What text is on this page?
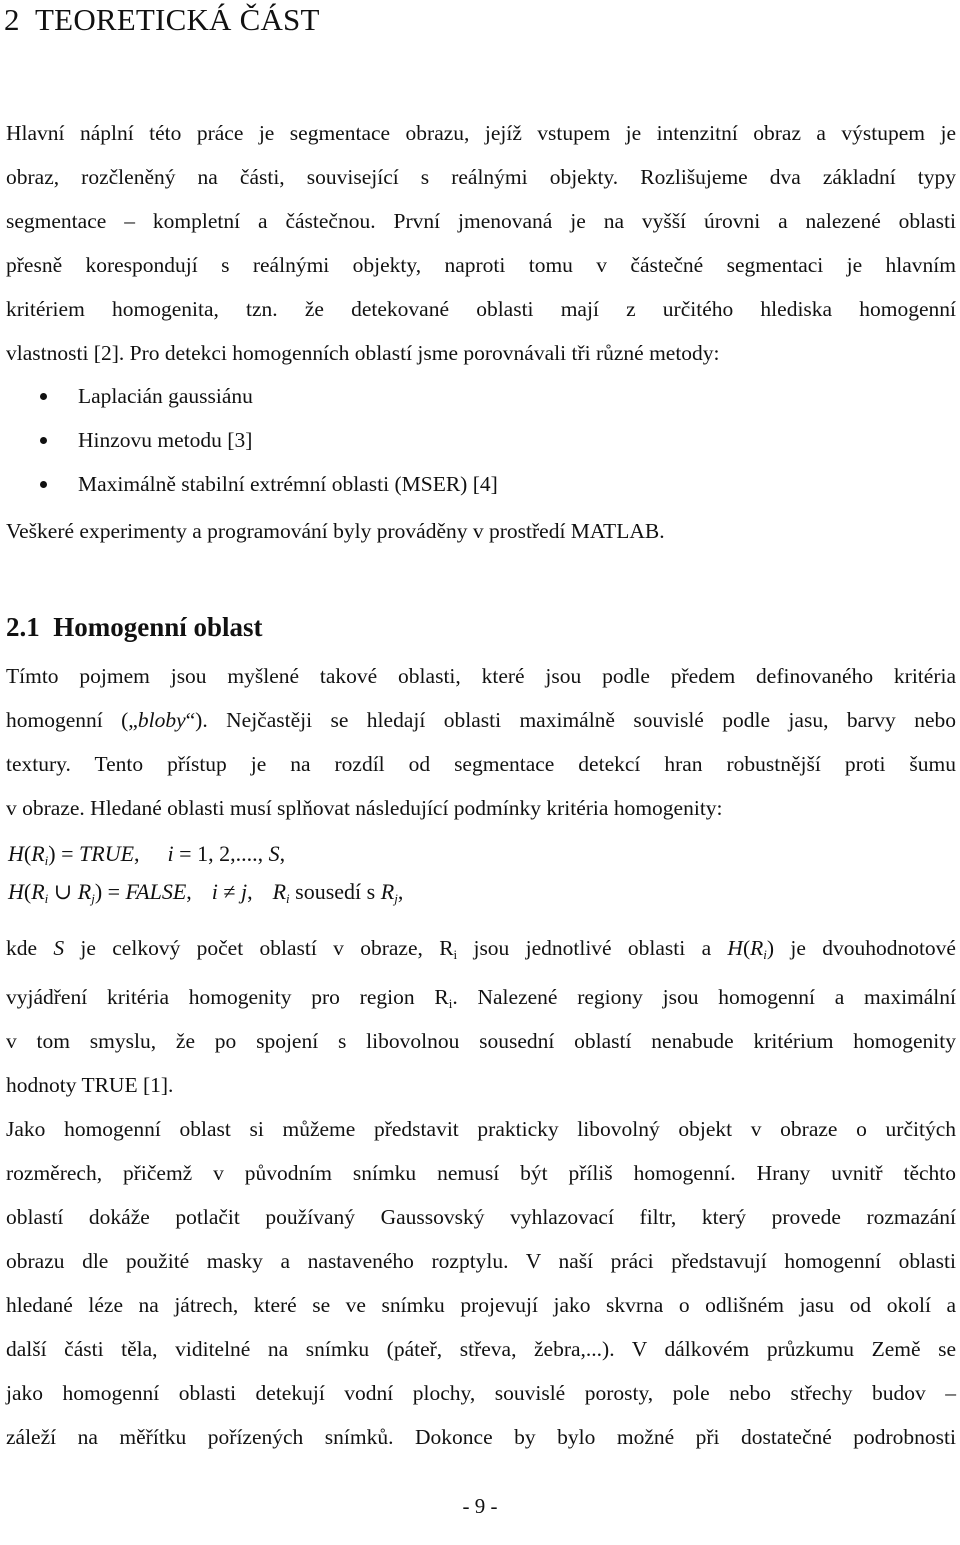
2 TEORETICKÁ ČÁST
Hlavní náplní této práce je segmentace obrazu, jejíž vstupem je intenzitní obraz a výstupem je
obraz, rozčleněný na části, související s reálnými objekty. Rozlišujeme dva základní typy
segmentace – kompletní a částečnou. První jmenovaná je na vyšší úrovni a nalezené oblasti
přesně korespondují s reálnými objekty, naproti tomu v částečné segmentaci je hlavním
kritériem homogenita, tzn. že detekované oblasti mají z určitého hlediska homogenní
vlastnosti [2]. Pro detekci homogenních oblastí jsme porovnávali tři různé metody:
Laplacián gaussiánu
Hinzovu metodu [3]
Maximálně stabilní extrémní oblasti (MSER) [4]
Veškeré experimenty a programování byly prováděny v prostředí MATLAB.
2.1 Homogenní oblast
Tímto pojmem jsou myšlené takové oblasti, které jsou podle předem definovaného kritéria
homogenní („bloby“). Nejčastěji se hledají oblasti maximálně souvislé podle jasu, barvy nebo
textury. Tento přístup je na rozdíl od segmentace detekcí hran robustnější proti šumu
v obraze. Hledané oblasti musí splňovat následující podmínky kritéria homogenity:
$H(R_i)$ = TRUE, i = 1, 2,...., S,
$H(R_i$ ∪ $R_j$) = FALSE, i ≠ j, $R_i$ sousedí s $R_j$,
kde S je celkový počet oblastí v obraze, $R_i$ jsou jednotlivé oblasti a $H(R_i)$ je dvouhodnotové
vyjádření kritéria homogenity pro region $R_i$. Nalezené regiony jsou homogenní a maximální
v tom smyslu, že po spojení s libovolnou sousední oblastí nenabude kritérium homogenity
hodnoty TRUE [1].
Jako homogenní oblast si můžeme představit prakticky libovolný objekt v obraze o určitých
rozměrech, přičemž v původním snímku nemusí být příliš homogenní. Hrany uvnitř těchto
oblastí dokáže potlačit používaný Gaussovský vyhlazovací filtr, který provede rozmazání
obrazu dle použité masky a nastaveného rozptylu. V naší práci představují homogenní oblasti
hledané léze na játrech, které se ve snímku projevují jako skvrna o odlišném jasu od okolí a
další části těla, viditelné na snímku (páteř, střeva, žebra,...). V dálkovém průzkumu Země se
jako homogenní oblasti detekují vodní plochy, souvislé porosty, pole nebo střechy budov –
záleží na měřítku pořízených snímků. Dokonce by bylo možné při dostatečné podrobnosti
- 9 -
